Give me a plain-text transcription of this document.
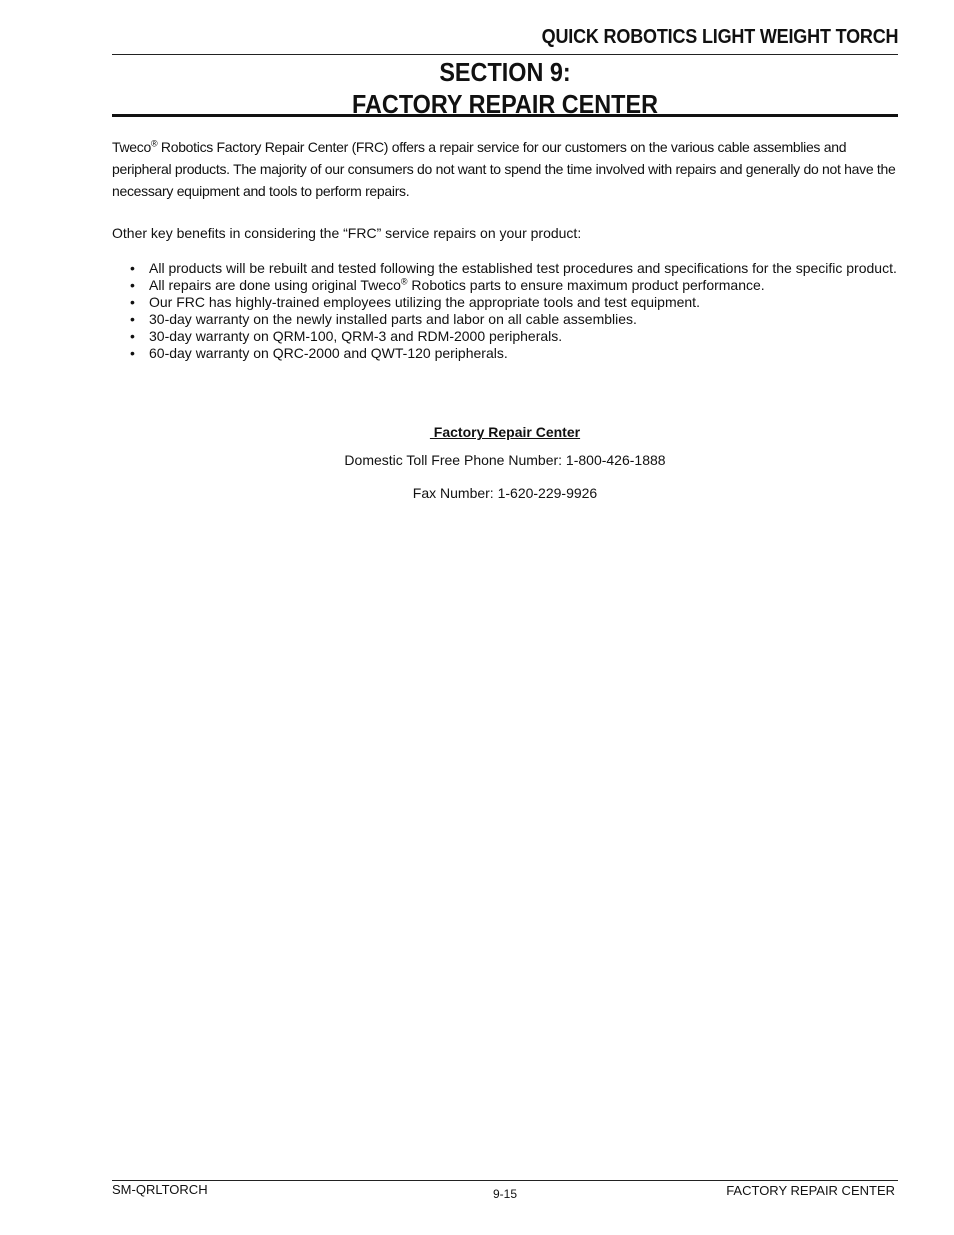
QUICK ROBOTICS LIGHT WEIGHT TORCH
SECTION 9:
FACTORY REPAIR CENTER

Tweco® Robotics Factory Repair Center (FRC) offers a repair service for our customers on the various cable assemblies and peripheral products. The majority of our consumers do not want to spend the time involved with repairs and generally do not have the necessary equipment and tools to perform repairs.

Other key benefits in considering the “FRC” service repairs on your product:

• All products will be rebuilt and tested following the established test procedures and specifications for the specific product.
• All repairs are done using original Tweco® Robotics parts to ensure maximum product performance.
• Our FRC has highly-trained employees utilizing the appropriate tools and test equipment.
• 30-day warranty on the newly installed parts and labor on all cable assemblies.
• 30-day warranty on QRM-100, QRM-3 and RDM-2000 peripherals.
• 60-day warranty on QRC-2000 and QWT-120 peripherals.
Factory Repair Center
Domestic Toll Free Phone Number: 1-800-426-1888
Fax Number: 1-620-229-9926
SM-QRLTORCH	9-15	FACTORY REPAIR CENTER
